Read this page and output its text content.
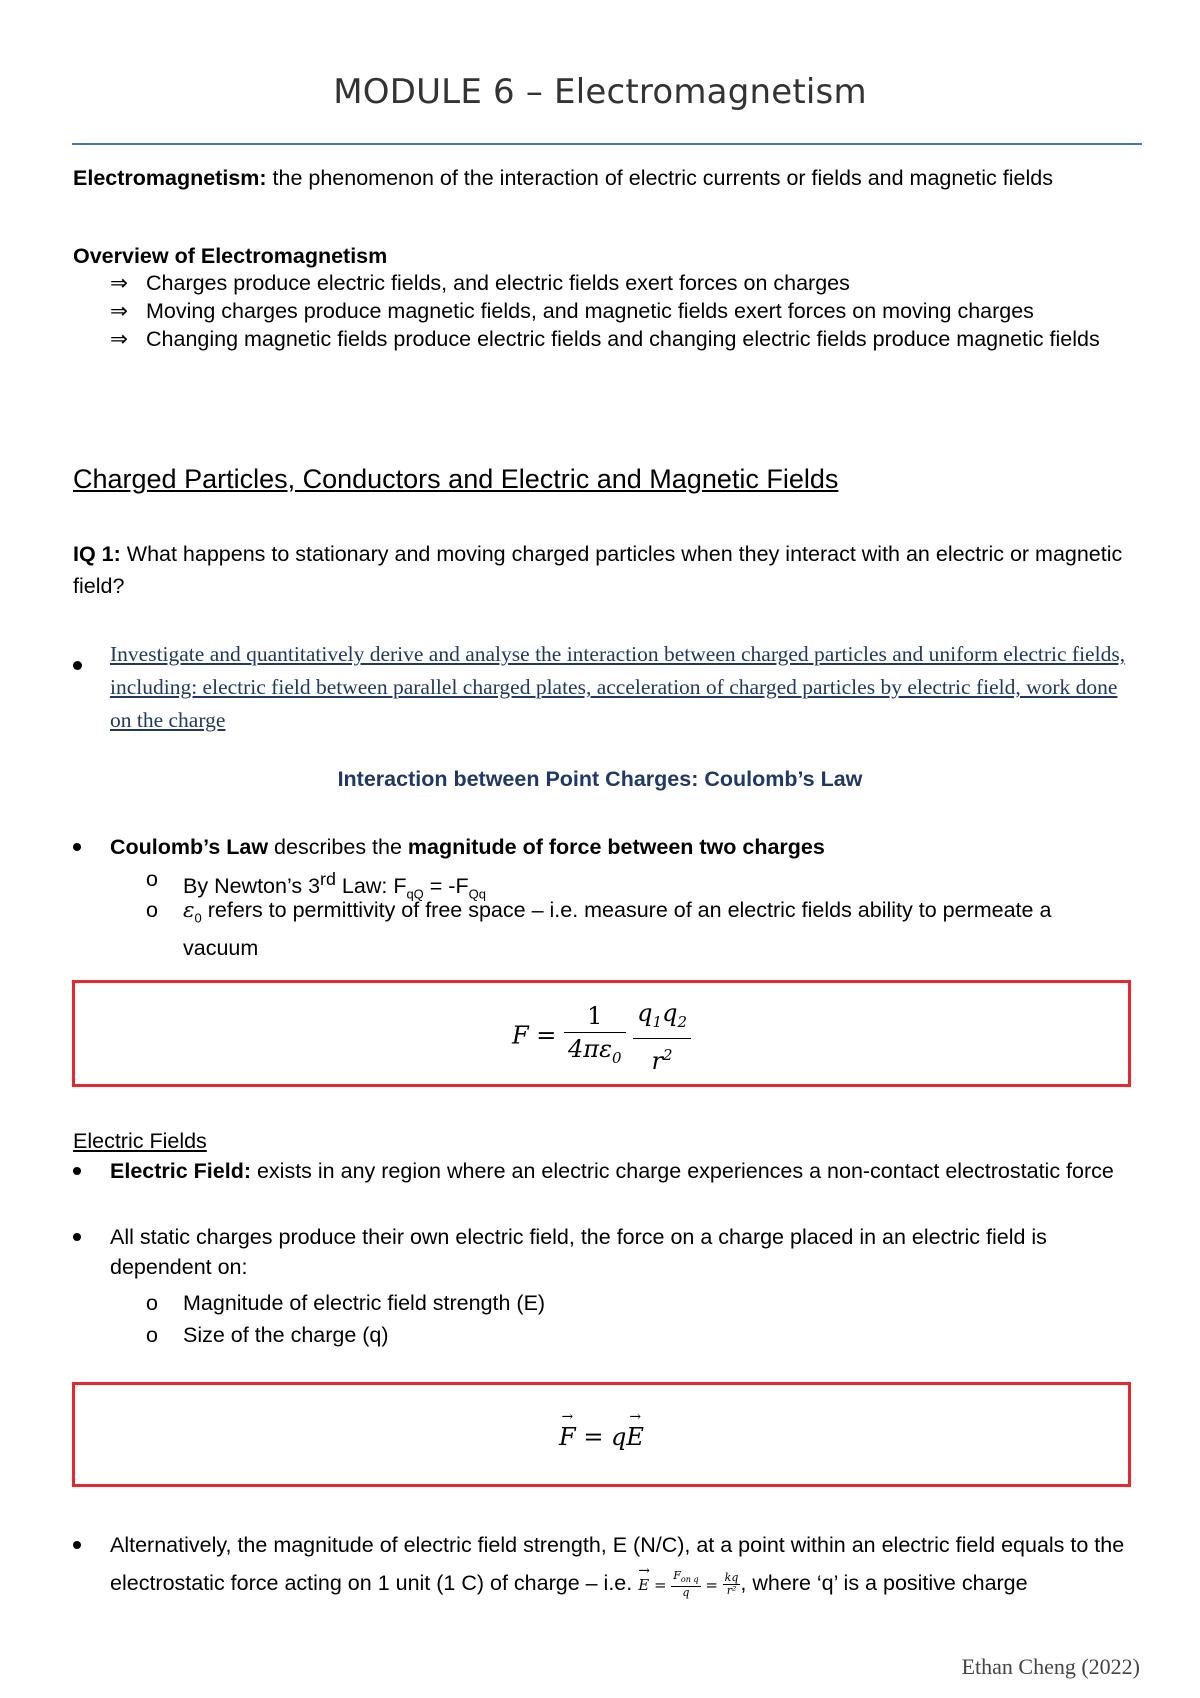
MODULE 6 – Electromagnetism
Electromagnetism: the phenomenon of the interaction of electric currents or fields and magnetic fields
Overview of Electromagnetism
⇒ Charges produce electric fields, and electric fields exert forces on charges
⇒ Moving charges produce magnetic fields, and magnetic fields exert forces on moving charges
⇒ Changing magnetic fields produce electric fields and changing electric fields produce magnetic fields
Charged Particles, Conductors and Electric and Magnetic Fields
IQ 1: What happens to stationary and moving charged particles when they interact with an electric or magnetic field?
Investigate and quantitatively derive and analyse the interaction between charged particles and uniform electric fields, including: electric field between parallel charged plates, acceleration of charged particles by electric field, work done on the charge
Interaction between Point Charges: Coulomb’s Law
Coulomb’s Law describes the magnitude of force between two charges
o By Newton’s 3rd Law: $F_{qQ} = -F_{Qq}$
o $\varepsilon_0$ refers to permittivity of free space – i.e. measure of an electric fields ability to permeate a vacuum
$F = \frac{1}{4\pi\varepsilon_0}$
$\frac{q_1q_2}{r^2}$
Electric Fields
Electric Field: exists in any region where an electric charge experiences a non-contact electrostatic force
All static charges produce their own electric field, the force on a charge placed in an electric field is dependent on:
o Magnitude of electric field strength (E)
o Size of the charge (q)
→ F = q→ E
Alternatively, the magnitude of electric field strength, E (N/C), at a point within an electric field equals to the electrostatic force acting on 1 unit (1 C) of charge – i.e. → E =
$F_{on q}$
$q = \frac{kq}{\text{r²}}$ , where ‘q’ is a positive charge
Ethan Cheng (2022)
